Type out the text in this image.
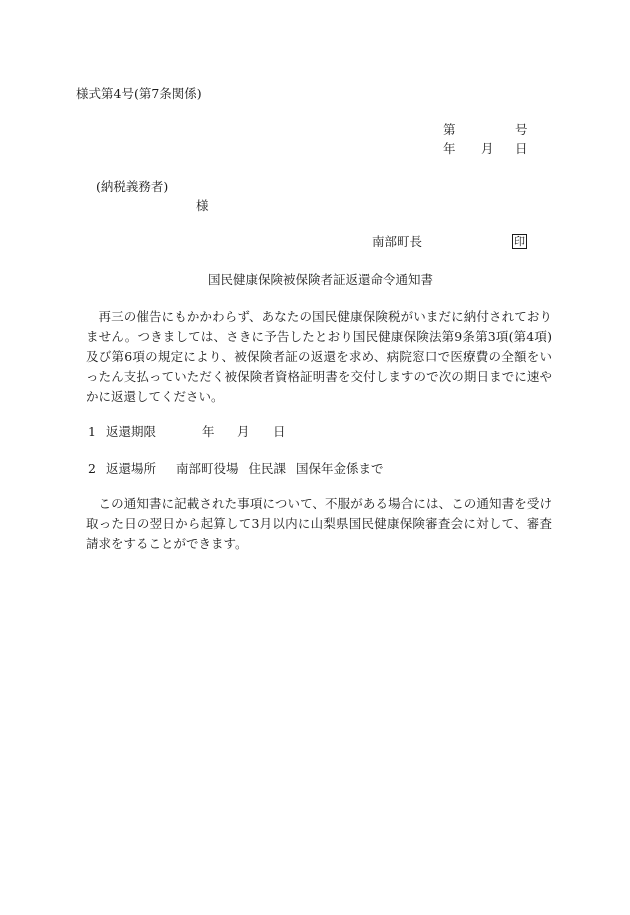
様式第4号(第7条関係)
第	号
年 月 日
(納税義務者)
様
南部町長	印
国民健康保険被保険者証返還命令通知書
再三の催告にもかかわらず、あなたの国民健康保険税がいまだに納付されておりません。つきましては、さきに予告したとおり国民健康保険法第9条第3項(第4項)及び第6項の規定により、被保険者証の返還を求め、病院窓口で医療費の全額をいったん支払っていただく被保険者資格証明書を交付しますので次の期日までに速やかに返還してください。
1 返還期限	年 月 日
2 返還場所 南部町役場 住民課 国保年金係まで
この通知書に記載された事項について、不服がある場合には、この通知書を受け取った日の翌日から起算して3月以内に山梨県国民健康保険審査会に対して、審査請求をすることができます。
